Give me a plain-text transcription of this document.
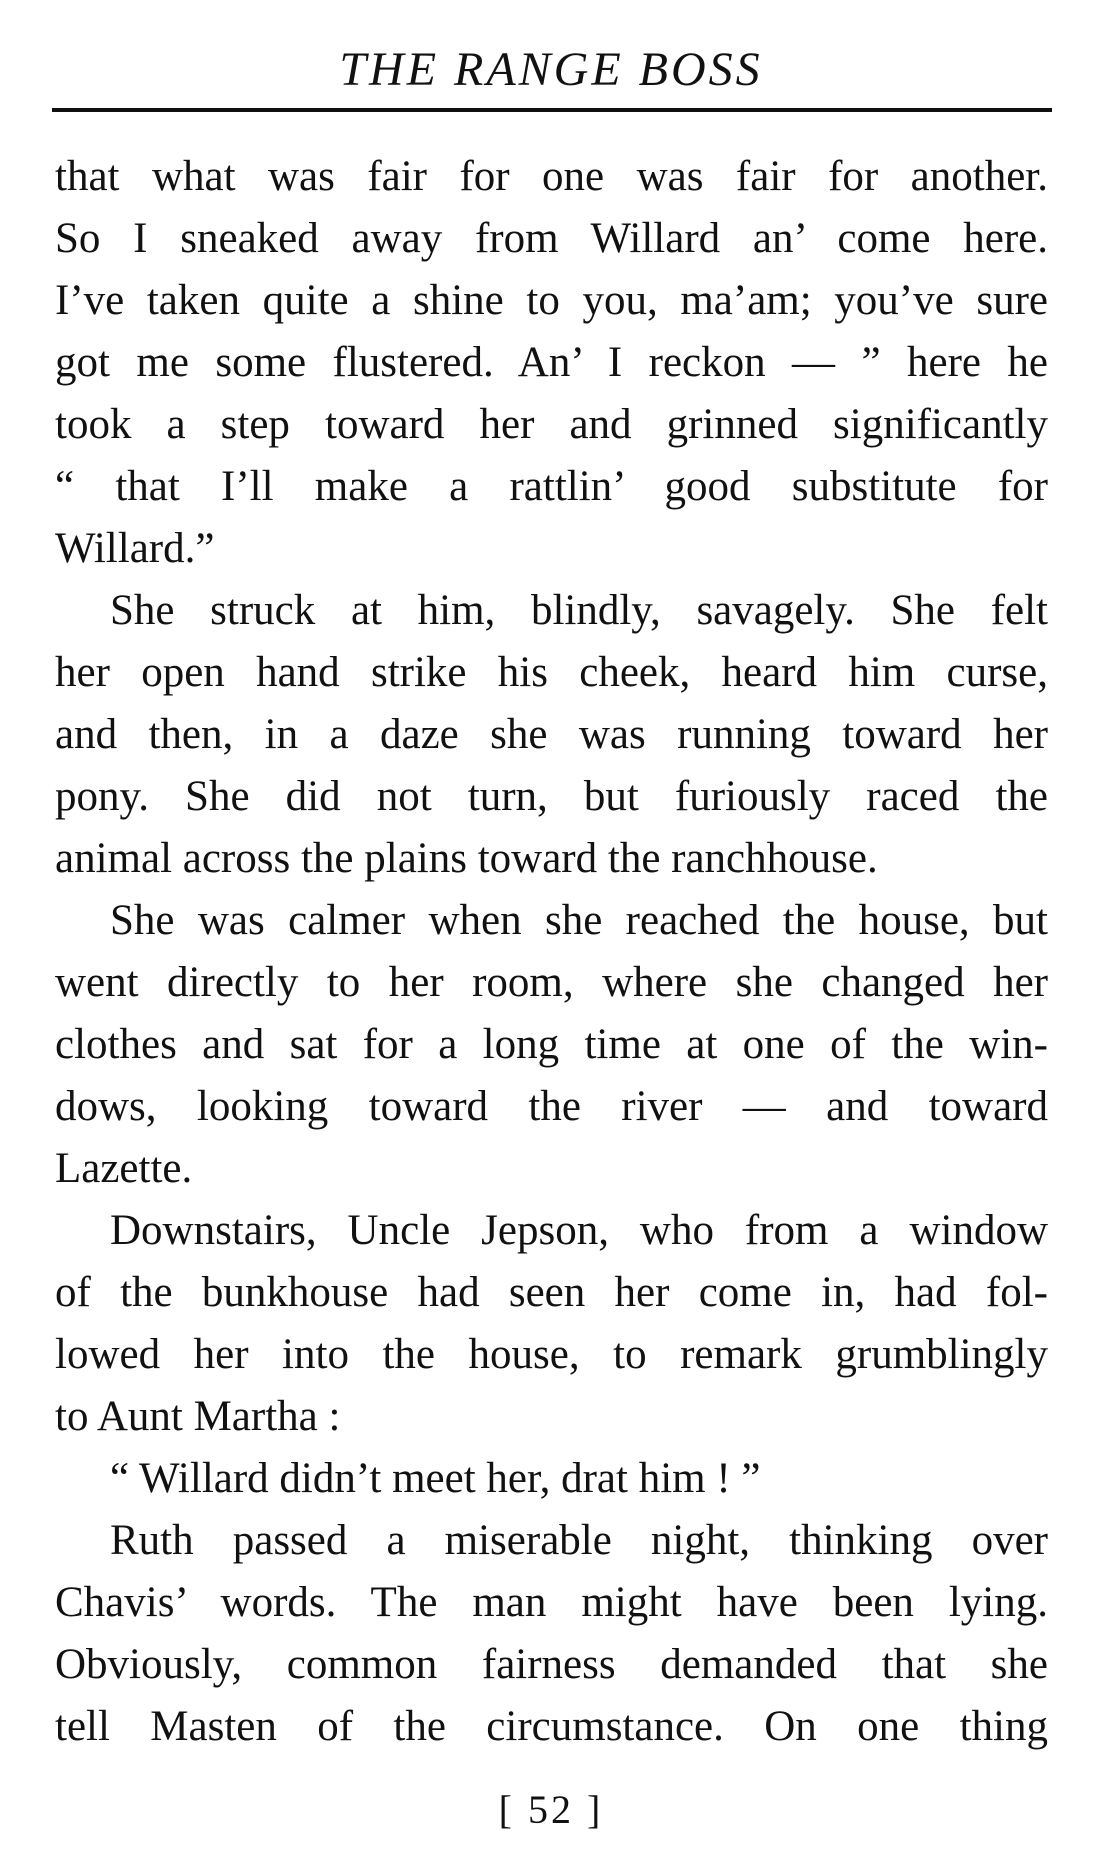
THE RANGE BOSS
that what was fair for one was fair for another.
So I sneaked away from Willard an’ come here.
I’ve taken quite a shine to you, ma’am; you’ve sure
got me some flustered. An’ I reckon — ” here he
took a step toward her and grinned significantly
“ that I’ll make a rattlin’ good substitute for
Willard.”
She struck at him, blindly, savagely. She felt
her open hand strike his cheek, heard him curse,
and then, in a daze she was running toward her
pony. She did not turn, but furiously raced the
animal across the plains toward the ranchhouse.
She was calmer when she reached the house, but
went directly to her room, where she changed her
clothes and sat for a long time at one of the win-
dows, looking toward the river — and toward
Lazette.
Downstairs, Uncle Jepson, who from a window
of the bunkhouse had seen her come in, had fol-
lowed her into the house, to remark grumblingly
to Aunt Martha :
“ Willard didn’t meet her, drat him ! ”
Ruth passed a miserable night, thinking over
Chavis’ words. The man might have been lying.
Obviously, common fairness demanded that she
tell Masten of the circumstance. On one thing
[ 52 ]
